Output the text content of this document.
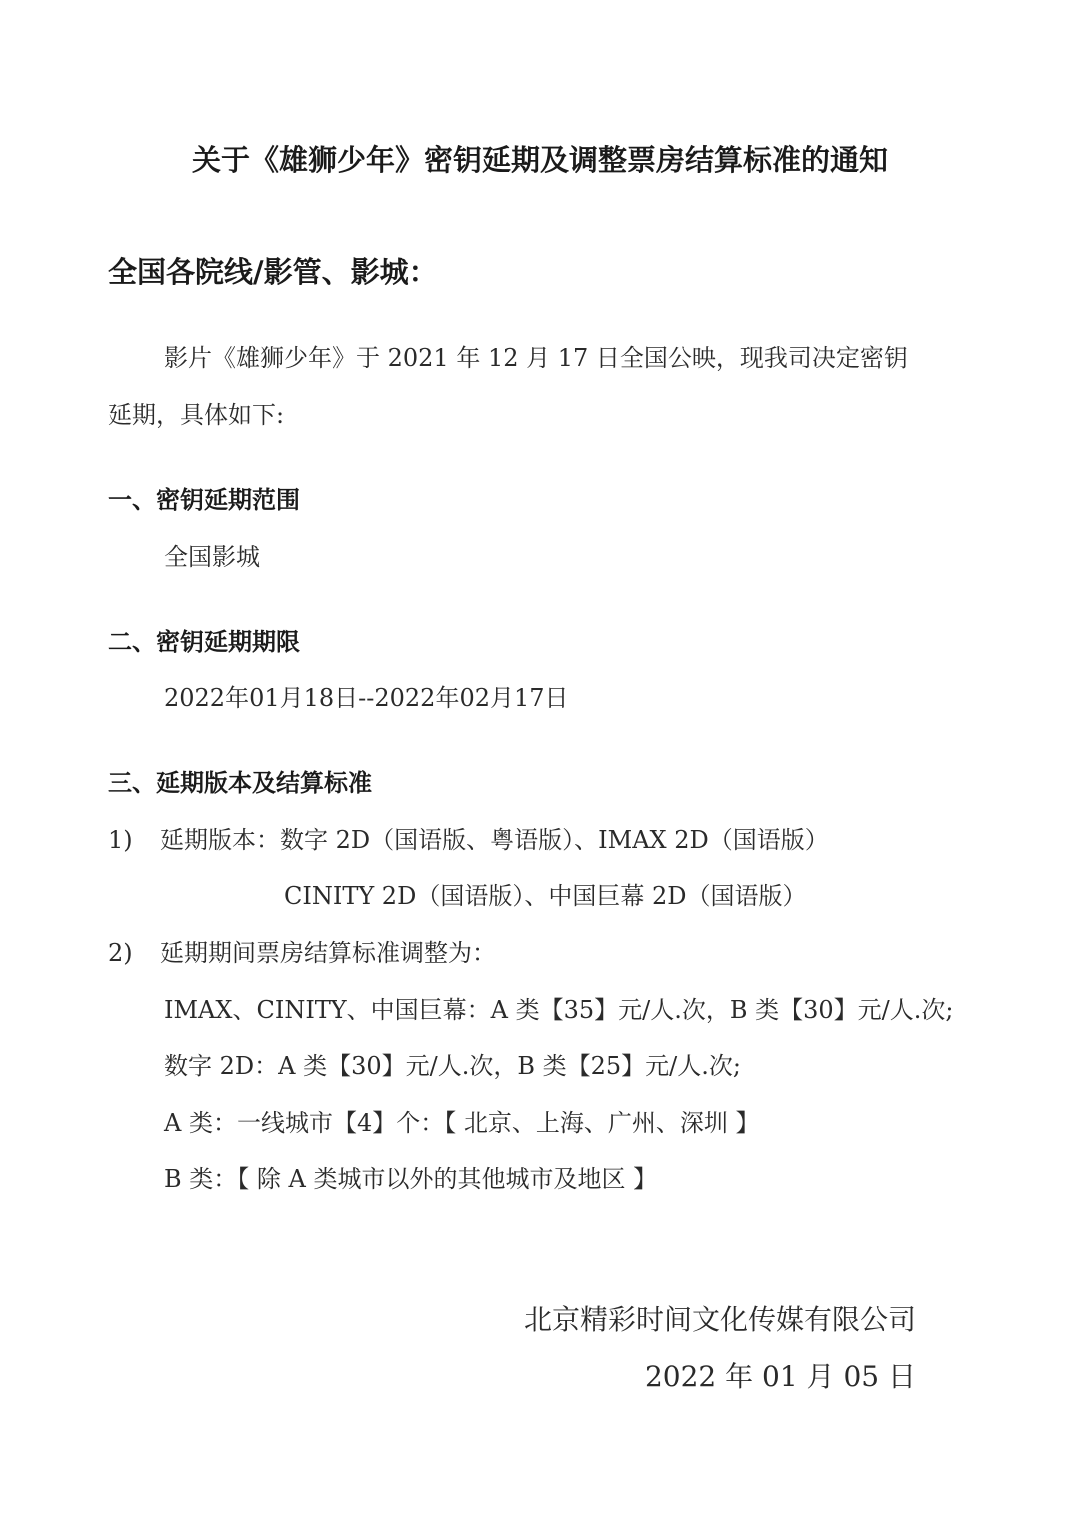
关于《雄狮少年》密钥延期及调整票房结算标准的通知
全国各院线/影管、影城：
影片《雄狮少年》于 2021 年 12 月 17 日全国公映，现我司决定密钥
延期，具体如下:
一、密钥延期范围
全国影城
二、密钥延期期限
2022年01月18日--2022年02月17日
三、延期版本及结算标准
1) 延期版本：数字 2D（国语版、粤语版）、IMAX 2D（国语版）
CINITY 2D（国语版）、中国巨幕 2D（国语版）
2) 延期期间票房结算标准调整为：
IMAX、CINITY、中国巨幕：A 类【35】元/人.次，B 类【30】元/人.次;
数字 2D：A 类【30】元/人.次，B 类【25】元/人.次;
A 类：一线城市【4】个：【 北京、上海、广州、深圳 】
B 类：【 除 A 类城市以外的其他城市及地区 】
北京精彩时间文化传媒有限公司
2022 年 01 月 05 日
